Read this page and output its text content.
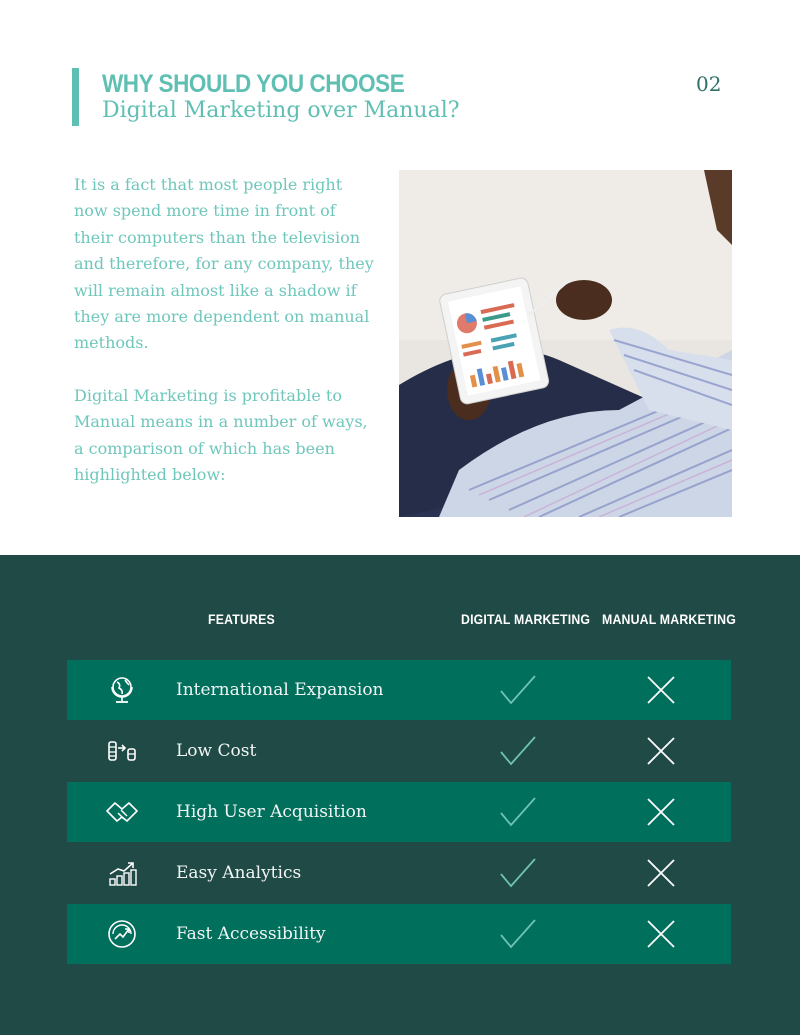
WHY SHOULD YOU CHOOSE
Digital Marketing over Manual?
02

It is a fact that most people right now spend more time in front of their computers than the television and therefore, for any company, they will remain almost like a shadow if they are more dependent on manual methods.

Digital Marketing is profitable to Manual means in a number of ways, a comparison of which has been highlighted below:

FEATURES	DIGITAL MARKETING MANUAL MARKETING
International Expansion
Low Cost
High User Acquisition
Easy Analytics
Fast Accessibility
